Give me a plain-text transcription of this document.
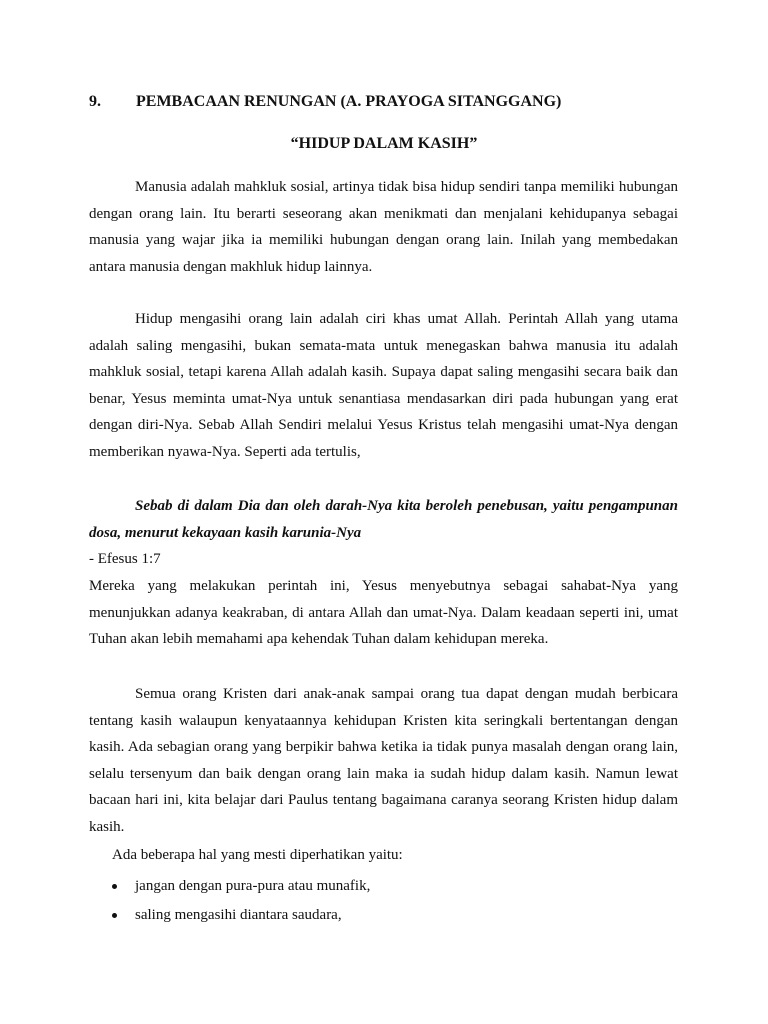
9. PEMBACAAN RENUNGAN (A. PRAYOGA SITANGGANG)
“HIDUP DALAM KASIH”

Manusia adalah mahkluk sosial, artinya tidak bisa hidup sendiri tanpa memiliki hubungan dengan orang lain. Itu berarti seseorang akan menikmati dan menjalani kehidupanya sebagai manusia yang wajar jika ia memiliki hubungan dengan orang lain. Inilah yang membedakan antara manusia dengan makhluk hidup lainnya.

Hidup mengasihi orang lain adalah ciri khas umat Allah. Perintah Allah yang utama adalah saling mengasihi, bukan semata-mata untuk menegaskan bahwa manusia itu adalah mahkluk sosial, tetapi karena Allah adalah kasih. Supaya dapat saling mengasihi secara baik dan benar, Yesus meminta umat-Nya untuk senantiasa mendasarkan diri pada hubungan yang erat dengan diri-Nya. Sebab Allah Sendiri melalui Yesus Kristus telah mengasihi umat-Nya dengan memberikan nyawa-Nya. Seperti ada tertulis,

Sebab di dalam Dia dan oleh darah-Nya kita beroleh penebusan, yaitu pengampunan dosa, menurut kekayaan kasih karunia-Nya

- Efesus 1:7

Mereka yang melakukan perintah ini, Yesus menyebutnya sebagai sahabat-Nya yang menunjukkan adanya keakraban, di antara Allah dan umat-Nya. Dalam keadaan seperti ini, umat Tuhan akan lebih memahami apa kehendak Tuhan dalam kehidupan mereka.

Semua orang Kristen dari anak-anak sampai orang tua dapat dengan mudah berbicara tentang kasih walaupun kenyataannya kehidupan Kristen kita seringkali bertentangan dengan kasih. Ada sebagian orang yang berpikir bahwa ketika ia tidak punya masalah dengan orang lain, selalu tersenyum dan baik dengan orang lain maka ia sudah hidup dalam kasih. Namun lewat bacaan hari ini, kita belajar dari Paulus tentang bagaimana caranya seorang Kristen hidup dalam kasih.

Ada beberapa hal yang mesti diperhatikan yaitu:
jangan dengan pura-pura atau munafik,
saling mengasihi diantara saudara,
